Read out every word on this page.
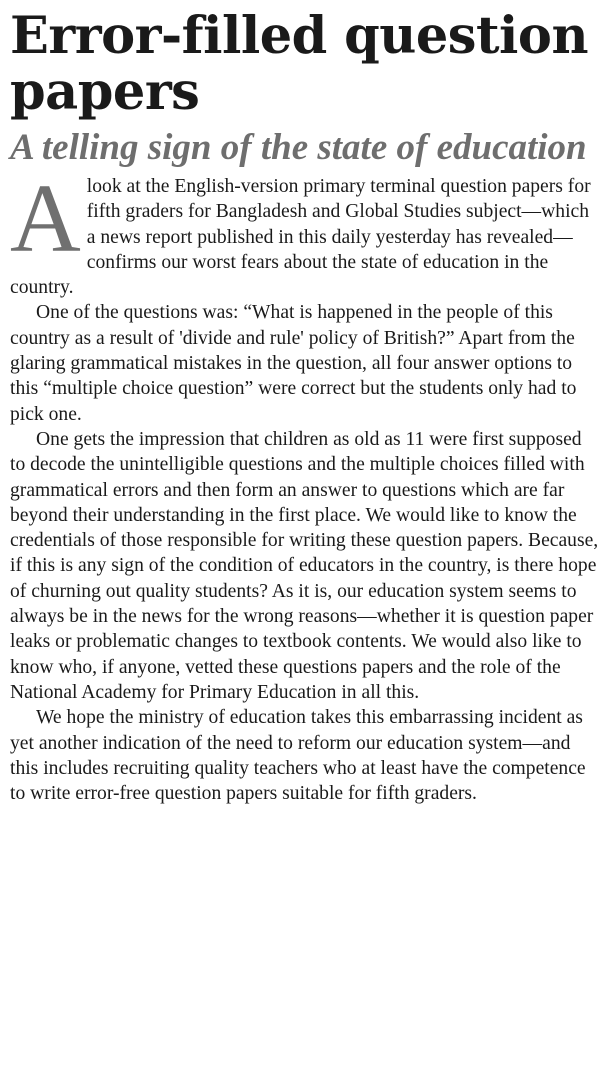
Error-filled question papers
A telling sign of the state of education

Alook at the English-version primary terminal question papers for fifth graders for Bangladesh and Global Studies subject—which a news report published in this daily yesterday has revealed—confirms our worst fears about the state of education in the country.

One of the questions was: “What is happened in the people of this country as a result of 'divide and rule' policy of British?” Apart from the glaring grammatical mistakes in the question, all four answer options to this “multiple choice question” were correct but the students only had to pick one.

One gets the impression that children as old as 11 were first supposed to decode the unintelligible questions and the multiple choices filled with grammatical errors and then form an answer to questions which are far beyond their understanding in the first place. We would like to know the credentials of those responsible for writing these question papers. Because, if this is any sign of the condition of educators in the country, is there hope of churning out quality students? As it is, our education system seems to always be in the news for the wrong reasons—whether it is question paper leaks or problematic changes to textbook contents. We would also like to know who, if anyone, vetted these questions papers and the role of the National Academy for Primary Education in all this.

We hope the ministry of education takes this embarrassing incident as yet another indication of the need to reform our education system—and this includes recruiting quality teachers who at least have the competence to write error-free question papers suitable for fifth graders.
